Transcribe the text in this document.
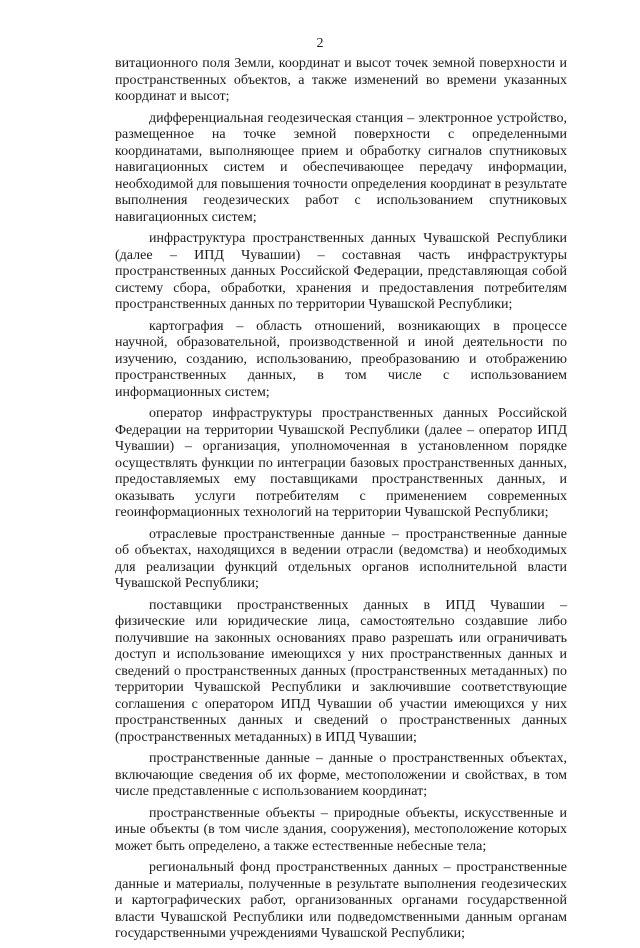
2

витационного поля Земли, координат и высот точек земной поверхности и пространственных объектов, а также изменений во времени указанных координат и высот;

дифференциальная геодезическая станция – электронное устройство, размещенное на точке земной поверхности с определенными координатами, выполняющее прием и обработку сигналов спутниковых навигационных систем и обеспечивающее передачу информации, необходимой для повышения точности определения координат в результате выполнения геодезических работ с использованием спутниковых навигационных систем;

инфраструктура пространственных данных Чувашской Республики (далее – ИПД Чувашии) – составная часть инфраструктуры пространственных данных Российской Федерации, представляющая собой систему сбора, обработки, хранения и предоставления потребителям пространственных данных по территории Чувашской Республики;

картография – область отношений, возникающих в процессе научной, образовательной, производственной и иной деятельности по изучению, созданию, использованию, преобразованию и отображению пространственных данных, в том числе с использованием информационных систем;

оператор инфраструктуры пространственных данных Российской Федерации на территории Чувашской Республики (далее – оператор ИПД Чувашии) – организация, уполномоченная в установленном порядке осуществлять функции по интеграции базовых пространственных данных, предоставляемых ему поставщиками пространственных данных, и оказывать услуги потребителям с применением современных геоинформационных технологий на территории Чувашской Республики;

отраслевые пространственные данные – пространственные данные об объектах, находящихся в ведении отрасли (ведомства) и необходимых для реализации функций отдельных органов исполнительной власти Чувашской Республики;

поставщики пространственных данных в ИПД Чувашии – физические или юридические лица, самостоятельно создавшие либо получившие на законных основаниях право разрешать или ограничивать доступ и использование имеющихся у них пространственных данных и сведений о пространственных данных (пространственных метаданных) по территории Чувашской Республики и заключившие соответствующие соглашения с оператором ИПД Чувашии об участии имеющихся у них пространственных данных и сведений о пространственных данных (пространственных метаданных) в ИПД Чувашии;

пространственные данные – данные о пространственных объектах, включающие сведения об их форме, местоположении и свойствах, в том числе представленные с использованием координат;

пространственные объекты – природные объекты, искусственные и иные объекты (в том числе здания, сооружения), местоположение которых может быть определено, а также естественные небесные тела;

региональный фонд пространственных данных – пространственные данные и материалы, полученные в результате выполнения геодезических и картографических работ, организованных органами государственной власти Чувашской Республики или подведомственными данным органам государственными учреждениями Чувашской Республики;
